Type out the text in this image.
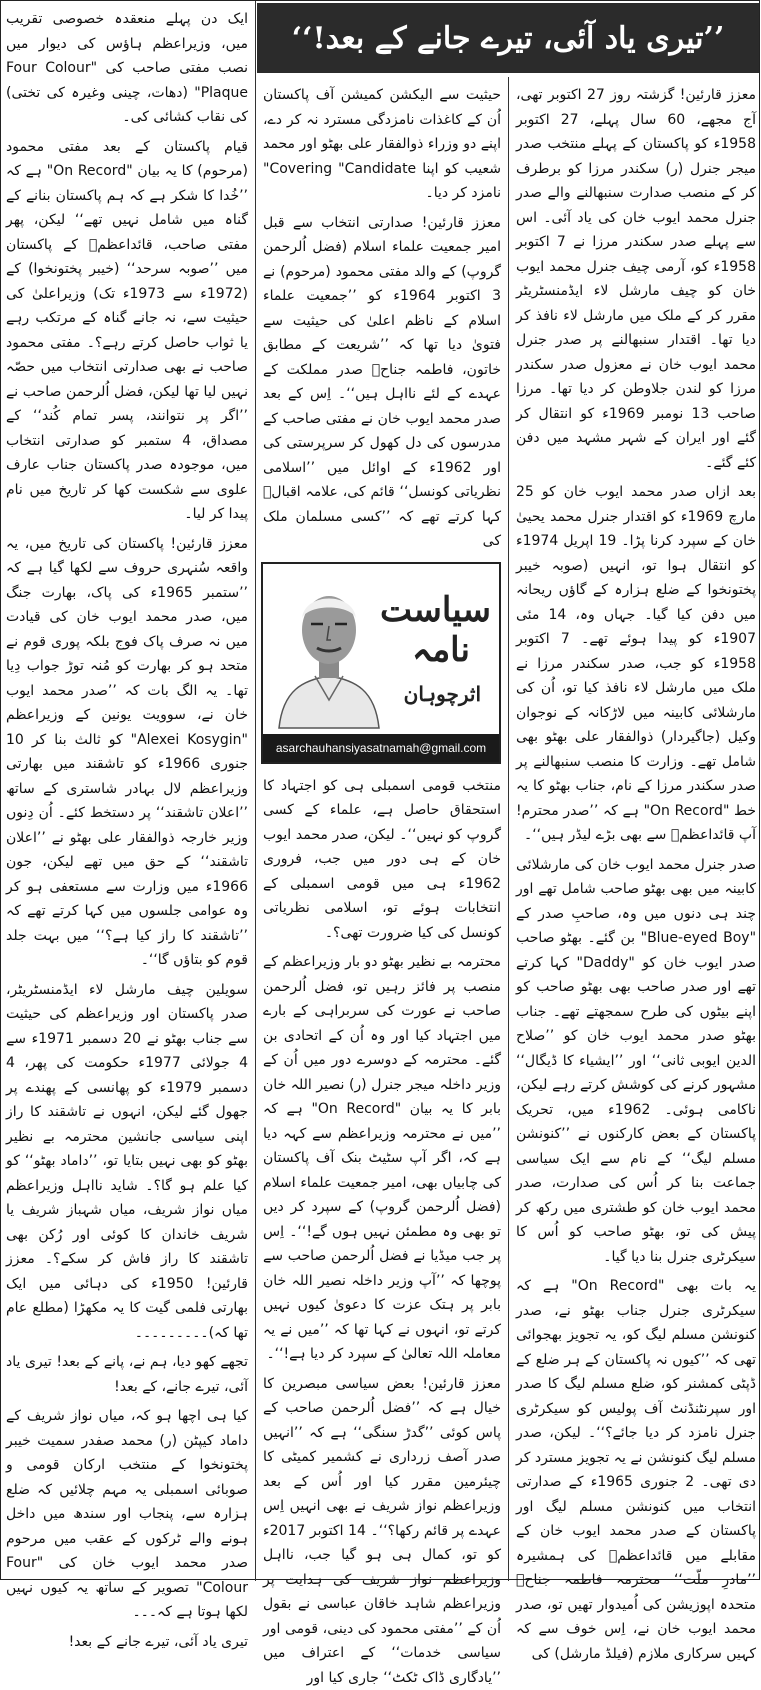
’’تیری یاد آئی، تیرے جانے کے بعد!‘‘

معزز قارئین! گزشتہ روز 27 اکتوبر تھی، آج مجھے، 60 سال پہلے، 27 اکتوبر 1958ء کو پاکستان کے پہلے منتخب صدر میجر جنرل (ر) سکندر مرزا کو برطرف کر کے منصب صدارت سنبھالنے والے صدر جنرل محمد ایوب خان کی یاد آئی۔ اس سے پہلے صدر سکندر مرزا نے 7 اکتوبر 1958ء کو، آرمی چیف جنرل محمد ایوب خان کو چیف مارشل لاء ایڈمنسٹریٹر مقرر کر کے ملک میں مارشل لاء نافذ کر دیا تھا۔ اقتدار سنبھالنے پر صدر جنرل محمد ایوب خان نے معزول صدر سکندر مرزا کو لندن جلاوطن کر دیا تھا۔ مرزا صاحب 13 نومبر 1969ء کو انتقال کر گئے اور ایران کے شہر مشہد میں دفن کئے گئے۔

بعد ازاں صدر محمد ایوب خان کو 25 مارچ 1969ء کو اقتدار جنرل محمد یحییٰ خان کے سپرد کرنا پڑا۔ 19 اپریل 1974ء کو انتقال ہوا تو، انہیں (صوبہ خیبر پختونخوا کے ضلع ہزارہ کے گاؤں ریحانہ میں دفن کیا گیا۔ جہاں وہ، 14 مئی 1907ء کو پیدا ہوئے تھے۔ 7 اکتوبر 1958ء کو جب، صدر سکندر مرزا نے ملک میں مارشل لاء نافذ کیا تو، اُن کی مارشلائی کابینہ میں لاڑکانہ کے نوجوان وکیل (جاگیردار) ذوالفقار علی بھٹو بھی شامل تھے۔ وزارت کا منصب سنبھالنے پر صدر سکندر مرزا کے نام، جناب بھٹو کا یہ خط "On Record" ہے کہ ’’صدر محترم! آپ قائداعظمؒ سے بھی بڑے لیڈر ہیں‘‘۔

صدر جنرل محمد ایوب خان کی مارشلائی کابینہ میں بھی بھٹو صاحب شامل تھے اور چند ہی دنوں میں وہ، صاحبِ صدر کے "Blue-eyed Boy" بن گئے۔ بھٹو صاحب صدر ایوب خان کو "Daddy" کہا کرتے تھے اور صدر صاحب بھی بھٹو صاحب کو اپنے بیٹوں کی طرح سمجھتے تھے۔ جناب بھٹو صدر محمد ایوب خان کو ’’صلاح الدین ایوبی ثانی‘‘ اور ’’ایشیاء کا ڈیگال‘‘ مشہور کرنے کی کوشش کرتے رہے لیکن، ناکامی ہوئی۔ 1962ء میں، تحریک پاکستان کے بعض کارکنوں نے ’’کنونشن مسلم لیگ‘‘ کے نام سے ایک سیاسی جماعت بنا کر اُس کی صدارت، صدر محمد ایوب خان کو طشتری میں رکھ کر پیش کی تو، بھٹو صاحب کو اُس کا سیکرٹری جنرل بنا دیا گیا۔

یہ بات بھی "On Record" ہے کہ سیکرٹری جنرل جناب بھٹو نے، صدر کنونشن مسلم لیگ کو، یہ تجویز بھجوائی تھی کہ ’’کیوں نہ پاکستان کے ہر ضلع کے ڈپٹی کمشنر کو، ضلع مسلم لیگ کا صدر اور سپرنٹنڈنٹ آف پولیس کو سیکرٹری جنرل نامزد کر دیا جائے؟‘‘۔ لیکن، صدر مسلم لیگ کنونشن نے یہ تجویز مسترد کر دی تھی۔ 2 جنوری 1965ء کے صدارتی انتخاب میں کنونشن مسلم لیگ اور پاکستان کے صدر محمد ایوب خان کے مقابلے میں قائداعظمؒ کی ہمشیرہ ’’مادرِ ملّت‘‘ محترمہ فاطمہ جناحؒ متحدہ اپوزیشن کی اُمیدوار تھیں تو، صدر محمد ایوب خان نے، اِس خوف سے کہ کہیں سرکاری ملازم (فیلڈ مارشل) کی

حیثیت سے الیکشن کمیشن آف پاکستان اُن کے کاغذات نامزدگی مسترد نہ کر دے، اپنے دو وزراء ذوالفقار علی بھٹو اور محمد شعیب کو اپنا Covering "Candidate" نامزد کر دیا۔

معزز قارئین! صدارتی انتخاب سے قبل امیر جمعیت علماء اسلام (فضل اُلرحمن گروپ) کے والد مفتی محمود (مرحوم) نے 3 اکتوبر 1964ء کو ’’جمعیت علماء اسلام کے ناظم اعلیٰ کی حیثیت سے فتویٰ دیا تھا کہ ’’شریعت کے مطابق خاتون، فاطمہ جناحؒ صدر مملکت کے عہدے کے لئے نااہل ہیں‘‘۔ اِس کے بعد صدر محمد ایوب خان نے مفتی صاحب کے مدرسوں کی دل کھول کر سرپرستی کی اور 1962ء کے اوائل میں ’’اسلامی نظریاتی کونسل‘‘ قائم کی، علامہ اقبالؒ کہا کرتے تھے کہ ’’کسی مسلمان ملک کی

سیاست
نامہ
اثرچوہان
asarchauhansiyasatnamah@gmail.com

منتخب قومی اسمبلی ہی کو اجتہاد کا استحقاق حاصل ہے، علماء کے کسی گروپ کو نہیں‘‘۔ لیکن، صدر محمد ایوب خان کے ہی دور میں جب، فروری 1962ء ہی میں قومی اسمبلی کے انتخابات ہوئے تو، اسلامی نظریاتی کونسل کی کیا ضرورت تھی؟۔

محترمہ بے نظیر بھٹو دو بار وزیراعظم کے منصب پر فائز رہیں تو، فضل اُلرحمن صاحب نے عورت کی سربراہی کے بارے میں اجتہاد کیا اور وہ اُن کے اتحادی بن گئے۔ محترمہ کے دوسرے دور میں اُن کے وزیر داخلہ میجر جنرل (ر) نصیر اللہ خان بابر کا یہ بیان "On Record" ہے کہ ’’میں نے محترمہ وزیراعظم سے کہہ دیا ہے کہ، اگر آپ سٹیٹ بنک آف پاکستان کی چابیاں بھی، امیر جمعیت علماء اسلام (فضل اُلرحمن گروپ) کے سپرد کر دیں تو بھی وہ مطمئن نہیں ہوں گے!‘‘۔ اِس پر جب میڈیا نے فضل اُلرحمن صاحب سے پوچھا کہ ’’آپ وزیر داخلہ نصیر اللہ خان بابر پر ہتک عزت کا دعویٰ کیوں نہیں کرتے تو، انہوں نے کہا تھا کہ ’’میں نے یہ معاملہ اللہ تعالیٰ کے سپرد کر دیا ہے!‘‘۔

معزز قارئین! بعض سیاسی مبصرین کا خیال ہے کہ ’’فضل اُلرحمن صاحب کے پاس کوئی ’’گدڑ سنگی‘‘ ہے کہ ’’انہیں صدر آصف زرداری نے کشمیر کمیٹی کا چیئرمین مقرر کیا اور اُس کے بعد وزیراعظم نواز شریف نے بھی انہیں اِس عہدے پر قائم رکھا؟‘‘۔ 14 اکتوبر 2017ء کو تو، کمال ہی ہو گیا جب، نااہل وزیراعظم نواز شریف کی ہدایت پر وزیراعظم شاہد خاقان عباسی نے بقول اُن کے ’’مفتی محمود کی دینی، قومی اور سیاسی خدمات‘‘ کے اعتراف میں ’’یادگاری ڈاک ٹکٹ‘‘ جاری کیا اور

ایک دن پہلے منعقدہ خصوصی تقریب میں، وزیراعظم ہاؤس کی دیوار میں نصب مفتی صاحب کی "Four Colour Plaque" (دھات، چینی وغیرہ کی تختی) کی نقاب کشائی کی۔

قیام پاکستان کے بعد مفتی محمود (مرحوم) کا یہ بیان "On Record" ہے کہ ’’خُدا کا شکر ہے کہ ہم پاکستان بنانے کے گناہ میں شامل نہیں تھے‘‘ لیکن، پھر مفتی صاحب، قائداعظمؒ کے پاکستان میں ’’صوبہ سرحد‘‘ (خیبر پختونخوا) کے (1972ء سے 1973ء تک) وزیراعلیٰ کی حیثیت سے، نہ جانے گناہ کے مرتکب رہے یا ثواب حاصل کرتے رہے؟۔ مفتی محمود صاحب نے بھی صدارتی انتخاب میں حصّہ نہیں لیا تھا لیکن، فضل اُلرحمن صاحب نے ’’اگر پر نتوانند، پسر تمام کُند‘‘ کے مصداق، 4 ستمبر کو صدارتی انتخاب میں، موجودہ صدر پاکستان جناب عارف علوی سے شکست کھا کر تاریخ میں نام پیدا کر لیا۔

معزز قارئین! پاکستان کی تاریخ میں، یہ واقعہ سُنہری حروف سے لکھا گیا ہے کہ ’’ستمبر 1965ء کی پاک، بھارت جنگ میں، صدر محمد ایوب خان کی قیادت میں نہ صرف پاک فوج بلکہ پوری قوم نے متحد ہو کر بھارت کو مُنہ توڑ جواب دِیا تھا۔ یہ الگ بات کہ ’’صدر محمد ایوب خان نے، سوویت یونین کے وزیراعظم "Alexei Kosygin" کو ثالث بنا کر 10 جنوری 1966ء کو تاشقند میں بھارتی وزیراعظم لال بہادر شاستری کے ساتھ ’’اعلان تاشقند‘‘ پر دستخط کئے۔ اُن دِنوں وزیر خارجہ ذوالفقار علی بھٹو نے ’’اعلان تاشقند‘‘ کے حق میں تھے لیکن، جون 1966ء میں وزارت سے مستعفی ہو کر وہ عوامی جلسوں میں کہا کرتے تھے کہ ’’تاشقند کا راز کیا ہے؟‘‘ میں بہت جلد قوم کو بتاؤں گا‘‘۔

سویلین چیف مارشل لاء ایڈمنسٹریٹر، صدر پاکستان اور وزیراعظم کی حیثیت سے جناب بھٹو نے 20 دسمبر 1971ء سے 4 جولائی 1977ء حکومت کی پھر، 4 دسمبر 1979ء کو پھانسی کے پھندے پر جھول گئے لیکن، انہوں نے تاشقند کا راز اپنی سیاسی جانشین محترمہ بے نظیر بھٹو کو بھی نہیں بتایا تو، ’’داماد بھٹو‘‘ کو کیا علم ہو گا؟۔ شاید نااہل وزیراعظم میاں نواز شریف، میاں شہباز شریف یا شریف خاندان کا کوئی اور رُکن بھی تاشقند کا راز فاش کر سکے؟۔ معزز قارئین! 1950ء کی دہائی میں ایک بھارتی فلمی گیت کا یہ مکھڑا (مطلع عام تھا کہ)۔۔۔۔۔۔۔۔۔

تجھے کھو دیا، ہم نے، پانے کے بعد! تیری یاد آئی، تیرے جانے، کے بعد!

کیا ہی اچھا ہو کہ، میاں نواز شریف کے داماد کیپٹن (ر) محمد صفدر سمیت خیبر پختونخوا کے منتخب ارکان قومی و صوبائی اسمبلی یہ مہم چلائیں کہ ضلع ہزارہ سے، پنجاب اور سندھ میں داخل ہونے والے ٹرکوں کے عقب میں مرحوم صدر محمد ایوب خان کی "Four Colour" تصویر کے ساتھ یہ کیوں نہیں لکھا ہوتا ہے کہ۔۔۔

تیری یاد آئی، تیرے جانے کے بعد!
